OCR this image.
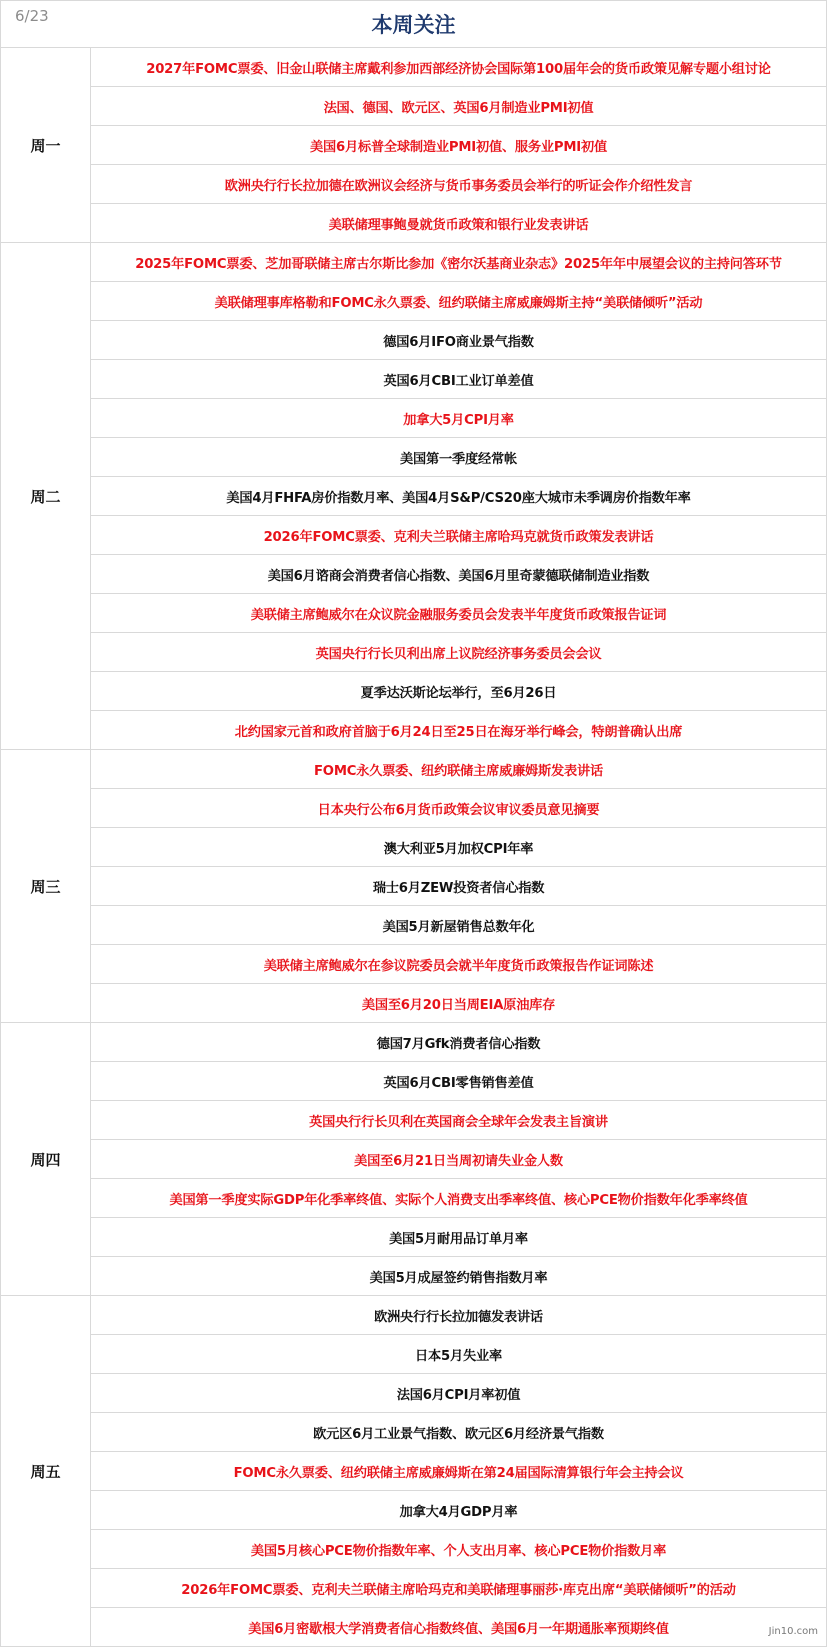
6/23	本周关注
周一	2027年FOMC票委、旧金山联储主席戴利参加西部经济协会国际第100届年会的货币政策见解专题小组讨论
	法国、德国、欧元区、英国6月制造业PMI初值
	美国6月标普全球制造业PMI初值、服务业PMI初值
	欧洲央行行长拉加德在欧洲议会经济与货币事务委员会举行的听证会作介绍性发言
	美联储理事鲍曼就货币政策和银行业发表讲话
周二	2025年FOMC票委、芝加哥联储主席古尔斯比参加《密尔沃基商业杂志》2025年年中展望会议的主持问答环节
	美联储理事库格勒和FOMC永久票委、纽约联储主席威廉姆斯主持“美联储倾听”活动
	德国6月IFO商业景气指数
	英国6月CBI工业订单差值
	加拿大5月CPI月率
	美国第一季度经常帐
	美国4月FHFA房价指数月率、美国4月S&P/CS20座大城市未季调房价指数年率
	2026年FOMC票委、克利夫兰联储主席哈玛克就货币政策发表讲话
	美国6月谘商会消费者信心指数、美国6月里奇蒙德联储制造业指数
	美联储主席鲍威尔在众议院金融服务委员会发表半年度货币政策报告证词
	英国央行行长贝利出席上议院经济事务委员会会议
	夏季达沃斯论坛举行，至6月26日
	北约国家元首和政府首脑于6月24日至25日在海牙举行峰会，特朗普确认出席
周三	FOMC永久票委、纽约联储主席威廉姆斯发表讲话
	日本央行公布6月货币政策会议审议委员意见摘要
	澳大利亚5月加权CPI年率
	瑞士6月ZEW投资者信心指数
	美国5月新屋销售总数年化
	美联储主席鲍威尔在参议院委员会就半年度货币政策报告作证词陈述
	美国至6月20日当周EIA原油库存
周四	德国7月Gfk消费者信心指数
	英国6月CBI零售销售差值
	英国央行行长贝利在英国商会全球年会发表主旨演讲
	美国至6月21日当周初请失业金人数
	美国第一季度实际GDP年化季率终值、实际个人消费支出季率终值、核心PCE物价指数年化季率终值
	美国5月耐用品订单月率
	美国5月成屋签约销售指数月率
周五	欧洲央行行长拉加德发表讲话
	日本5月失业率
	法国6月CPI月率初值
	欧元区6月工业景气指数、欧元区6月经济景气指数
	FOMC永久票委、纽约联储主席威廉姆斯在第24届国际清算银行年会主持会议
	加拿大4月GDP月率
	美国5月核心PCE物价指数年率、个人支出月率、核心PCE物价指数月率
	2026年FOMC票委、克利夫兰联储主席哈玛克和美联储理事丽莎·库克出席“美联储倾听”的活动
	美国6月密歇根大学消费者信心指数终值、美国6月一年期通胀率预期终值	Jin10.com
